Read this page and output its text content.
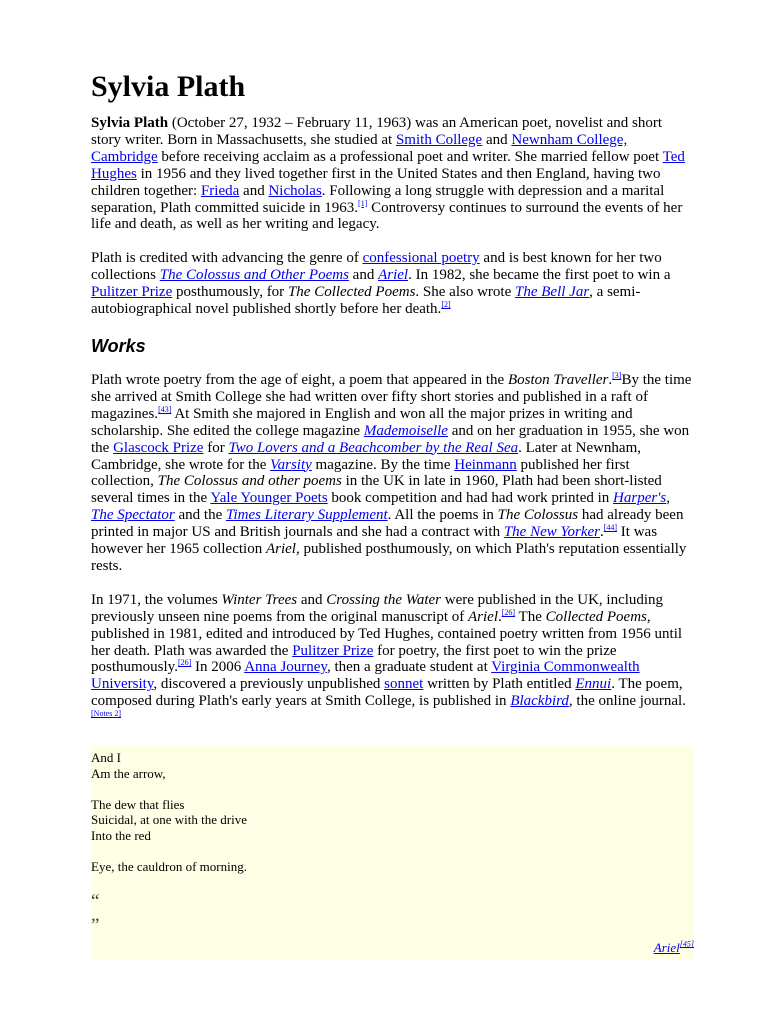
Sylvia Plath

Sylvia Plath (October 27, 1932 – February 11, 1963) was an American poet, novelist and short story writer. Born in Massachusetts, she studied at Smith College and Newnham College, Cambridge before receiving acclaim as a professional poet and writer. She married fellow poet Ted Hughes in 1956 and they lived together first in the United States and then England, having two children together: Frieda and Nicholas. Following a long struggle with depression and a marital separation, Plath committed suicide in 1963.[1] Controversy continues to surround the events of her life and death, as well as her writing and legacy.

Plath is credited with advancing the genre of confessional poetry and is best known for her two collections The Colossus and Other Poems and Ariel. In 1982, she became the first poet to win a Pulitzer Prize posthumously, for The Collected Poems. She also wrote The Bell Jar, a semi-autobiographical novel published shortly before her death.[2]

Works

Plath wrote poetry from the age of eight, a poem that appeared in the Boston Traveller.[3]By the time she arrived at Smith College she had written over fifty short stories and published in a raft of magazines.[43] At Smith she majored in English and won all the major prizes in writing and scholarship. She edited the college magazine Mademoiselle and on her graduation in 1955, she won the Glascock Prize for Two Lovers and a Beachcomber by the Real Sea. Later at Newnham, Cambridge, she wrote for the Varsity magazine. By the time Heinmann published her first collection, The Colossus and other poems in the UK in late in 1960, Plath had been short-listed several times in the Yale Younger Poets book competition and had had work printed in Harper's, The Spectator and the Times Literary Supplement. All the poems in The Colossus had already been printed in major US and British journals and she had a contract with The New Yorker.[44] It was however her 1965 collection Ariel, published posthumously, on which Plath's reputation essentially rests.

In 1971, the volumes Winter Trees and Crossing the Water were published in the UK, including previously unseen nine poems from the original manuscript of Ariel.[26] The Collected Poems, published in 1981, edited and introduced by Ted Hughes, contained poetry written from 1956 until her death. Plath was awarded the Pulitzer Prize for poetry, the first poet to win the prize posthumously.[26] In 2006 Anna Journey, then a graduate student at Virginia Commonwealth University, discovered a previously unpublished sonnet written by Plath entitled Ennui. The poem, composed during Plath's early years at Smith College, is published in Blackbird, the online journal.[Notes 2]

And I
Am the arrow,
The dew that flies
Suicidal, at one with the drive
Into the red
Eye, the cauldron of morning.
“
”
Ariel[45]
